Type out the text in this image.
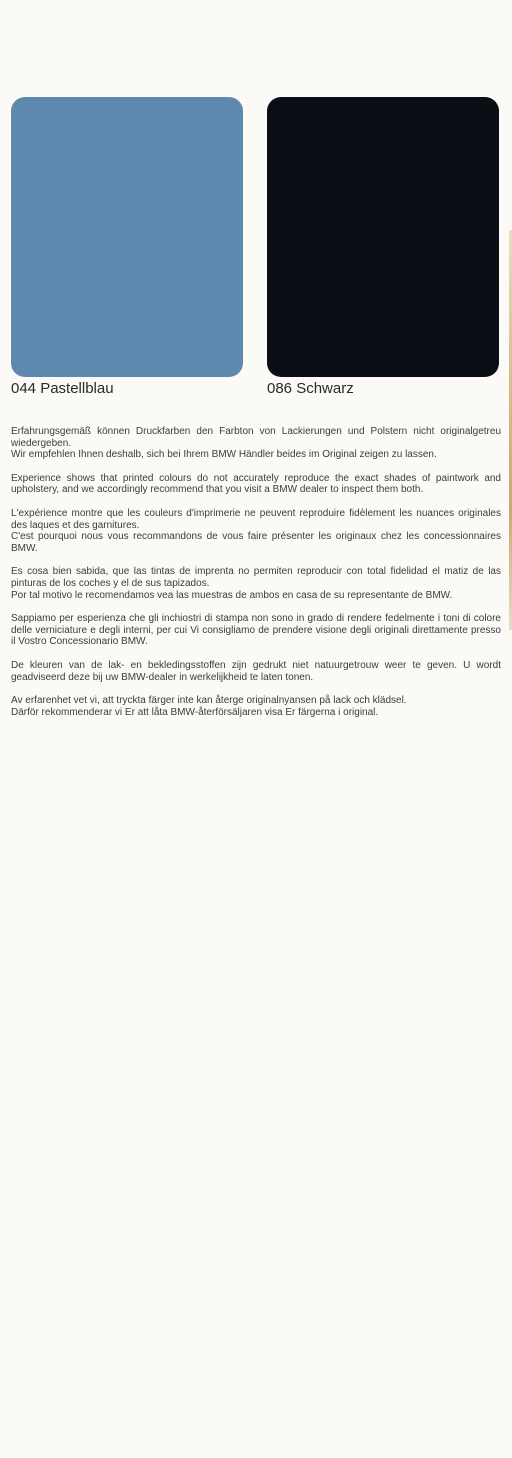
044 Pastellblau	086 Schwarz

Erfahrungsgemäß können Druckfarben den Farbton von Lackierungen und Polstern nicht originalgetreu wiedergeben.
Wir empfehlen Ihnen deshalb, sich bei Ihrem BMW Händler beides im Original zeigen zu lassen.

Experience shows that printed colours do not accurately reproduce the exact shades of paintwork and upholstery, and we accordingly recommend that you visit a BMW dealer to inspect them both.

L'expérience montre que les couleurs d'imprimerie ne peuvent reproduire fidèlement les nuances originales des laques et des garnitures.
C'est pourquoi nous vous recommandons de vous faire présenter les originaux chez les concessionnaires BMW.

Es cosa bien sabida, que las tintas de imprenta no permiten reproducir con total fidelidad el matiz de las pinturas de los coches y el de sus tapizados.
Por tal motivo le recomendamos vea las muestras de ambos en casa de su representante de BMW.

Sappiamo per esperienza che gli inchiostri di stampa non sono in grado di rendere fedelmente i toni di colore delle verniciature e degli interni, per cui Vi consigliamo de prendere visione degli originali direttamente presso il Vostro Concessionario BMW.

De kleuren van de lak- en bekledingsstoffen zijn gedrukt niet natuurgetrouw weer te geven. U wordt geadviseerd deze bij uw BMW-dealer in werkelijkheid te laten tonen.

Av erfarenhet vet vi, att tryckta färger inte kan återge originalnyansen på lack och klädsel.
Därför rekommenderar vi Er att låta BMW-återförsäljaren visa Er färgerna i original.
